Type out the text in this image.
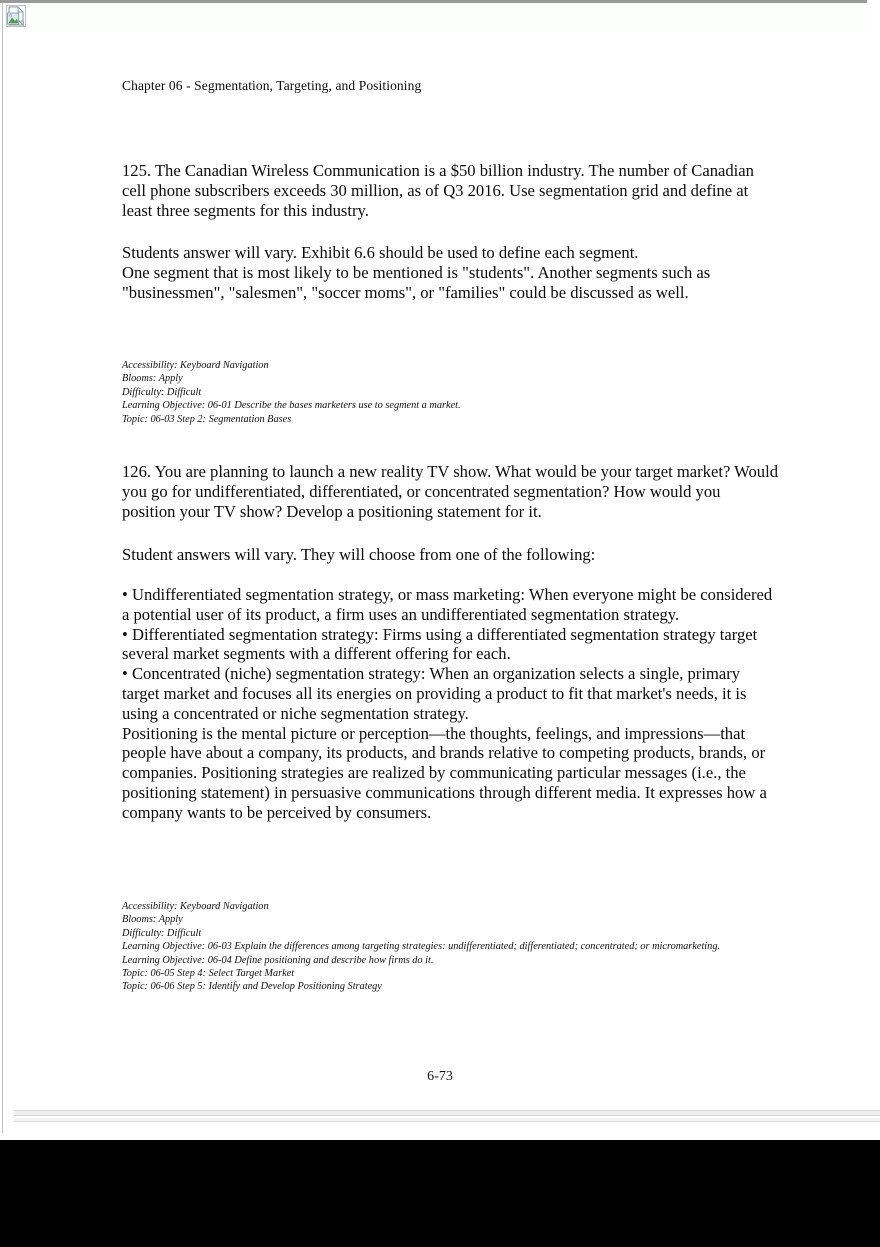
Chapter 06 - Segmentation, Targeting, and Positioning
125. The Canadian Wireless Communication is a $50 billion industry. The number of Canadian cell phone subscribers exceeds 30 million, as of Q3 2016. Use segmentation grid and define at least three segments for this industry.

Students answer will vary. Exhibit 6.6 should be used to define each segment.

One segment that is most likely to be mentioned is "students". Another segments such as "businessmen", "salesmen", "soccer moms", or "families" could be discussed as well.

Accessibility: Keyboard Navigation

Blooms: Apply

Difficulty: Difficult

Learning Objective: 06-01 Describe the bases marketers use to segment a market.

Topic: 06-03 Step 2: Segmentation Bases

126. You are planning to launch a new reality TV show. What would be your target market? Would you go for undifferentiated, differentiated, or concentrated segmentation? How would you position your TV show? Develop a positioning statement for it.
Student answers will vary. They will choose from one of the following:

• Undifferentiated segmentation strategy, or mass marketing: When everyone might be considered a potential user of its product, a firm uses an undifferentiated segmentation strategy.

• Differentiated segmentation strategy: Firms using a differentiated segmentation strategy target several market segments with a different offering for each.

• Concentrated (niche) segmentation strategy: When an organization selects a single, primary target market and focuses all its energies on providing a product to fit that market's needs, it is using a concentrated or niche segmentation strategy.

Positioning is the mental picture or perception—the thoughts, feelings, and impressions—that people have about a company, its products, and brands relative to competing products, brands, or companies. Positioning strategies are realized by communicating particular messages (i.e., the positioning statement) in persuasive communications through different media. It expresses how a company wants to be perceived by consumers.

Accessibility: Keyboard Navigation

Blooms: Apply

Difficulty: Difficult

Learning Objective: 06-03 Explain the differences among targeting strategies: undifferentiated; differentiated; concentrated; or micromarketing.

Learning Objective: 06-04 Define positioning and describe how firms do it.

Topic: 06-05 Step 4: Select Target Market

Topic: 06-06 Step 5: Identify and Develop Positioning Strategy

6-73
